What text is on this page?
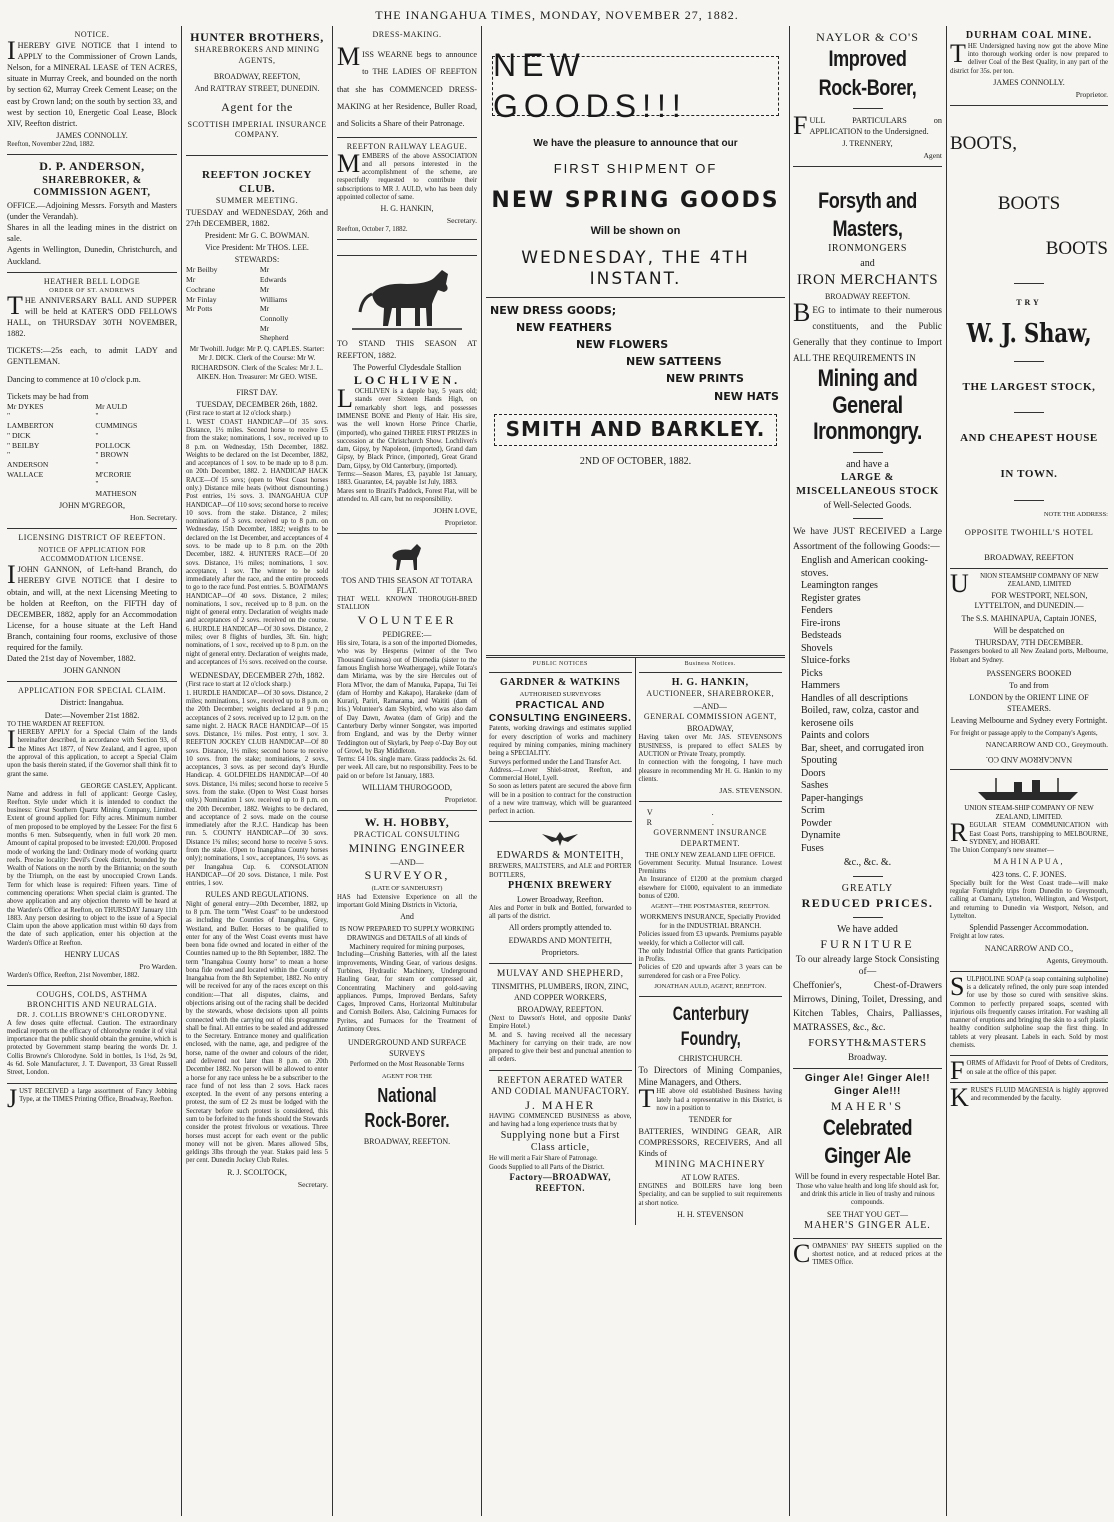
THE INANGAHUA TIMES, MONDAY, NOVEMBER 27, 1882.
NOTICE.
IHEREBY GIVE NOTICE that I intend to APPLY to the Commissioner of Crown Lands, Nelson, for a MINERAL LEASE of TEN ACRES, situate in Murray Creek, and bounded on the north by section 62, Murray Creek Cement Lease; on the east by Crown land; on the south by section 33, and west by section 10, Energetic Coal Lease, Block XIV, Reefton district.
JAMES CONNOLLY.
Reefton, November 22nd, 1882.
D. P. ANDERSON,
SHAREBROKER, & COMMISSION AGENT,
OFFICE.—Adjoining Messrs. Forsyth and Masters (under the Verandah).
Shares in all the leading mines in the district on sale.
Agents in Wellington, Dunedin, Christchurch, and Auckland.
HEATHER BELL LODGE
ORDER OF ST. ANDREWS
THE ANNIVERSARY BALL AND SUPPER will be held at KATER'S ODD FELLOWS HALL, on THURSDAY 30TH NOVEMBER, 1882.
TICKETS:—25s each, to admit LADY and GENTLEMAN.
Dancing to commence at 10 o'clock p.m.
Tickets may be had from
Mr DYKES
" LAMBERTON
" DICK
" BEILBY
" ANDERSON
WALLACE
Mr AULD
" CUMMINGS
" POLLOCK
" BROWN
" M'CRORIE
" MATHESON
JOHN M'GREGOR,
Hon. Secretary.
LICENSING DISTRICT OF REEFTON.
NOTICE OF APPLICATION FOR ACCOMMODATION LICENSE.
IJOHN GANNON, of Left-hand Branch, do HEREBY GIVE NOTICE that I desire to obtain, and will, at the next Licensing Meeting to be holden at Reefton, on the FIFTH day of DECEMBER, 1882, apply for an Accommodation License, for a house situate at the Left Hand Branch, containing four rooms, exclusive of those required for the family.
Dated the 21st day of November, 1882.
JOHN GANNON
APPLICATION FOR SPECIAL CLAIM.
District: Inangahua.
Date:—November 21st 1882.
TO THE WARDEN AT REEFTON.
IHEREBY APPLY for a Special Claim of the lands hereinafter described, in accordance with Section 93, of the Mines Act 1877, of New Zealand, and I agree, upon the approval of this application, to accept a Special Claim upon the basis therein stated, if the Governor shall think fit to grant the same.
GEORGE CASLEY, Applicant.
Name and address in full of applicant: George Casley, Reefton. Style under which it is intended to conduct the business: Great Southern Quartz Mining Company, Limited. Extent of ground applied for: Fifty acres. Minimum number of men proposed to be employed by the Lessee: For the first 6 months 6 men. Subsequently, when in full work 20 men. Amount of capital proposed to be invested: £20,000. Proposed mode of working the land: Ordinary mode of working quartz reefs. Precise locality: Devil's Creek district, bounded by the Wealth of Nations on the north by the Britannia; on the south by the Triumph, on the east by unoccupied Crown Lands. Term for which lease is required: Fifteen years. Time of commencing operations: When special claim is granted. The above application and any objection thereto will be heard at the Warden's Office at Reefton, on THURSDAY January 11th 1883. Any person desiring to object to the issue of a Special Claim upon the above application must within 60 days from the date of such application, enter his objection at the Warden's Office at Reefton.
HENRY LUCAS
Pro Warden.
Warden's Office, Reefton, 21st November, 1882.
COUGHS, COLDS, ASTHMA
BRONCHITIS AND NEURALGIA.
DR. J. COLLIS BROWNE'S CHLORODYNE.
A few doses quite effectual. Caution. The extraordinary medical reports on the efficacy of chlorodyne render it of vital importance that the public should obtain the genuine, which is protected by Government stamp bearing the words Dr. J. Collis Browne's Chlorodyne. Sold in bottles, 1s 1½d, 2s 9d, 4s 6d. Sole Manufacturer, J. T. Davenport, 33 Great Russell Street, London.
JUST RECEIVED a large assortment of Fancy Jobbing Type, at the TIMES Printing Office, Broadway, Reefton.
HUNTER BROTHERS,
SHAREBROKERS AND MINING AGENTS,
BROADWAY, REEFTON,
And RATTRAY STREET, DUNEDIN.
Agent for the
SCOTTISH IMPERIAL INSURANCE COMPANY.
REEFTON JOCKEY CLUB.
SUMMER MEETING.
TUESDAY and WEDNESDAY, 26th and 27th DECEMBER, 1882.
President: Mr G. C. BOWMAN.
Vice President: Mr THOS. LEE.
STEWARDS:
Mr Beilby
Mr Cochrane
Mr Finlay
Mr Potts
Mr Edwards
Mr Williams
Mr Connolly
Mr Shepherd
Mr Twohill. Judge: Mr P. Q. CAPLES. Starter: Mr J. DICK. Clerk of the Course: Mr W. RICHARDSON. Clerk of the Scales: Mr J. L. AIKEN. Hon. Treasurer: Mr GEO. WISE.
FIRST DAY.
TUESDAY, DECEMBER 26th, 1882.
(First race to start at 12 o'clock sharp.)
1. WEST COAST HANDICAP—Of 35 sovs. Distance, 1½ miles. Second horse to receive £5 from the stake; nominations, 1 sov., received up to 8 p.m. on Wednesday, 15th December, 1882. Weights to be declared on the 1st December, 1882, and acceptances of 1 sov. to be made up to 8 p.m. on 20th December, 1882. 2. HANDICAP HACK RACE—Of 15 sovs; (open to West Coast horses only.) Distance mile heats (without dismounting.) Post entries, 1½ sovs. 3. INANGAHUA CUP HANDICAP—Of 110 sovs; second horse to receive 10 sovs. from the stake. Distance, 2 miles; nominations of 3 sovs. received up to 8 p.m. on Wednesday, 15th December, 1882; weights to be declared on the 1st December, and acceptances of 4 sovs. to be made up to 8 p.m. on the 20th December, 1882. 4. HUNTERS RACE—Of 20 sovs. Distance, 1½ miles; nominations, 1 sov. acceptance, 1 sov. The winner to be sold immediately after the race, and the entire proceeds to go to the race fund. Post entries. 5. BOATMAN'S HANDICAP—Of 40 sovs. Distance, 2 miles; nominations, 1 sov., received up to 8 p.m. on the night of general entry. Declaration of weights made and acceptances of 2 sovs. received on the course. 6. HURDLE HANDICAP—Of 30 sovs. Distance, 2 miles; over 8 flights of hurdles, 3ft. 6in. high; nominations, of 1 sov., received up to 8 p.m. on the night of general entry. Declaration of weights made, and acceptances of 1½ sovs. received on the course.
WEDNESDAY, DECEMBER 27th, 1882.
(First race to start at 12 o'clock sharp.)
1. HURDLE HANDICAP—Of 30 sovs. Distance, 2 miles; nominations, 1 sov., received up to 8 p.m. on the 20th December; weights declared at 9 p.m.; acceptances of 2 sovs. received up to 12 p.m. on the same night. 2. HACK RACE HANDICAP—Of 15 sovs. Distance, 1½ miles. Post entry, 1 sov. 3. REEFTON JOCKEY CLUB HANDICAP—Of 80 sovs. Distance, 1½ miles; second horse to receive 10 sovs. from the stake; nominations, 2 sovs., acceptances, 3 sovs. as per second day's Hurdle Handicap. 4. GOLDFIELDS HANDICAP—Of 40 sovs. Distance, 1¼ miles; second horse to receive 5 sovs. from the stake. (Open to West Coast horses only.) Nomination 1 sov. received up to 8 p.m. on the 20th December, 1882. Weights to be declared, and acceptance of 2 sovs. made on the course immediately after the R.J.C. Handicap has been run. 5. COUNTY HANDICAP—Of 30 sovs. Distance 1¾ miles; second horse to receive 5 sovs. from the stake. (Open to Inangahua County horses only); nominations, 1 sov., acceptances, 1½ sovs. as per Inangahua Cup. 6. CONSOLATION HANDICAP—Of 20 sovs. Distance, 1 mile. Post entries, 1 sov.
RULES AND REGULATIONS.
Night of general entry—20th December, 1882, up to 8 p.m. The term "West Coast" to be understood as including the Counties of Inangahua, Grey, Westland, and Buller. Horses to be qualified to enter for any of the West Coast events must have been bona fide owned and located in either of the Counties named up to the 8th September, 1882. The term "Inangahua County horse" to mean a horse bona fide owned and located within the County of Inangahua from the 8th September, 1882. No entry will be received for any of the races except on this condition:—That all disputes, claims, and objections arising out of the racing shall be decided by the stewards, whose decisions upon all points connected with the carrying out of this programme shall be final. All entries to be sealed and addressed to the Secretary. Entrance money and qualification enclosed, with the name, age, and pedigree of the horse, name of the owner and colours of the rider, and delivered not later than 8 p.m. on 20th December 1882. No person will be allowed to enter a horse for any race unless he be a subscriber to the race fund of not less than 2 sovs. Hack races excepted. In the event of any persons entering a protest, the sum of £2 2s must be lodged with the Secretary before such protest is considered, this sum to be forfeited to the funds should the Stewards consider the protest frivolous or vexatious. Three horses must accept for each event or the public money will not be given. Mares allowed 5lbs, geldings 3lbs through the year. Stakes paid less 5 per cent. Dunedin Jockey Club Rules.
R. J. SCOLTOCK,
Secretary.
DRESS-MAKING.
MISS WEARNE begs to announce to THE LADIES OF REEFTON that she has COMMENCED DRESS-MAKING at her Residence, Buller Road, and Solicits a Share of their Patronage.
REEFTON RAILWAY LEAGUE.
MEMBERS of the above ASSOCIATION and all persons interested in the accomplishment of the scheme, are respectfully requested to contribute their subscriptions to MR J. AULD, who has been duly appointed collector of same.
H. G. HANKIN,
Secretary.
Reefton, October 7, 1882.
TO STAND THIS SEASON AT REEFTON, 1882.
The Powerful Clydesdale Stallion
LOCHLIVEN.
LOCHLIVEN is a dapple bay, 5 years old; stands over Sixteen Hands High, on remarkably short legs, and possesses IMMENSE BONE and Plenty of Hair. His sire, was the well known Horse Prince Charlie, (imported), who gained THREE FIRST PRIZES in succession at the Christchurch Show. Lochliven's dam, Gipsy, by Napoleon, (imported), Grand dam Gipsy, by Black Prince, (imported), Great Grand Dam, Gipsy, by Old Canterbury, (imported).
Terms:—Season Mares, £3, payable 1st January, 1883. Guarantee, £4, payable 1st July, 1883.
Mares sent to Brazil's Paddock, Forest Flat, will be attended to. All care, but no responsibility.
JOHN LOVE,
Proprietor.
TOS AND THIS SEASON AT TOTARA FLAT.
THAT WELL KNOWN THOROUGH-BRED STALLION
VOLUNTEER
PEDIGREE:—
His sire, Totara, is a son of the imported Diomedes, who was by Hesperus (winner of the Two Thousand Guineas) out of Diomedia (sister to the famous English horse Weathergage), while Totara's dam Miriama, was by the sire Hercules out of Flora M'Ivor, the dam of Manuka, Papapa, Tui Tei (dam of Hornby and Kakapo), Harakeke (dam of Kurari), Pariri, Ramarama, and Waititi (dam of Iris.) Volunteer's dam Skybird, who was also dam of Day Dawn, Awatea (dam of Grip) and the Canterbury Derby winner Songster, was imported from England, and was by the Derby winner Teddington out of Skylark, by Peep o'-Day Boy out of Growl, by Bay Middleton.
Terms: £4 10s. single mare. Grass paddocks 2s. 6d. per week. All care, but no responsibility. Fees to be paid on or before 1st January, 1883.
WILLIAM THUROGOOD,
Proprietor.
W. H. HOBBY,
PRACTICAL CONSULTING
MINING ENGINEER
—AND—
SURVEYOR,
(LATE OF SANDHURST)
HAS had Extensive Experience on all the important Gold Mining Districts in Victoria,
And
IS NOW PREPARED TO SUPPLY WORKING DRAWINGS and DETAILS of all kinds of Machinery required for mining purposes,
Including—Crushing Batteries, with all the latest improvements, Winding Gear, of various designs. Turbines, Hydraulic Machinery, Underground Hauling Gear, for steam or compressed air, Concentrating Machinery and gold-saving appliances. Pumps, Improved Berdans, Safety Cages, Improved Cams, Horizontal Multitubular and Cornish Boilers. Also, Calcining Furnaces for Pyrites, and Furnaces for the Treatment of Antimony Ores.
UNDERGROUND AND SURFACE SURVEYS
Performed on the Most Reasonable Terms
AGENT FOR THE
National Rock-Borer.
BROADWAY, REEFTON.
NEW GOODS!!!
We have the pleasure to announce that our
FIRST SHIPMENT OF
NEW SPRING GOODS
Will be shown on
WEDNESDAY, THE 4TH INSTANT.
NEW DRESS GOODS;
NEW FEATHERS
NEW FLOWERS
NEW SATTEENS
NEW PRINTS
NEW HATS
SMITH AND BARKLEY.
2ND OF OCTOBER, 1882.
PUBLIC NOTICES
GARDNER & WATKINS
AUTHORISED SURVEYORS
PRACTICAL AND CONSULTING ENGINEERS.
Patents, working drawings and estimates supplied for every description of works and machinery required by mining companies, mining machinery being a SPECIALITY.
Surveys performed under the Land Transfer Act.
Address.—Lower Shiel-street, Reefton, and Commercial Hotel, Lyell.
So soon as letters patent are secured the above firm will be in a position to contract for the construction of a new wire tramway, which will be guaranteed perfect in action.
EDWARDS & MONTEITH,
BREWERS, MALTSTERS, and ALE and PORTER BOTTLERS,
PHŒNIX BREWERY
Lower Broadway, Reefton.
Ales and Porter in bulk and Bottled, forwarded to all parts of the district.
All orders promptly attended to.
EDWARDS AND MONTEITH,
Proprietors.
MULVAY AND SHEPHERD,
TINSMITHS, PLUMBERS, IRON, ZINC, AND COPPER WORKERS,
BROADWAY, REEFTON.
(Next to Dawson's Hotel, and opposite Danks' Empire Hotel.)
M. and S. having received all the necessary Machinery for carrying on their trade, are now prepared to give their best and punctual attention to all orders.
REEFTON AERATED WATER AND CODIAL MANUFACTORY.
J. MAHER
HAVING COMMENCED BUSINESS as above, and having had a long experience trusts that by
Supplying none but a First Class article,
He will merit a Fair Share of Patronage.
Goods Supplied to all Parts of the District.
Factory—BROADWAY, REEFTON.
Business Notices.
H. G. HANKIN,
AUCTIONEER, SHAREBROKER,
—AND—
GENERAL COMMISSION AGENT,
BROADWAY,
Having taken over Mr. JAS. STEVENSON'S BUSINESS, is prepared to effect SALES by AUCTION or Private Treaty, promptly.
In connection with the foregoing, I have much pleasure in recommending Mr H. G. Hankin to my clients.
JAS. STEVENSON.
V. R.
GOVERNMENT INSURANCE DEPARTMENT.
THE ONLY NEW ZEALAND LIFE OFFICE.
Government Security. Mutual Insurance. Lowest Premiums
An Insurance of £1200 at the premium charged elsewhere for £1000, equivalent to an immediate bonus of £200.
AGENT—THE POSTMASTER, REEFTON.
WORKMEN'S INSURANCE, Specially Provided for in the INDUSTRIAL BRANCH.
Policies issued from £3 upwards. Premiums payable weekly, for which a Collector will call.
The only Industrial Office that grants Participation in Profits.
Policies of £20 and upwards after 3 years can be surrendered for cash or a Free Policy.
JONATHAN AULD, AGENT, REEFTON.
Canterbury Foundry,
CHRISTCHURCH.
To Directors of Mining Companies, Mine Managers, and Others.
THE above old established Business having lately had a representative in this District, is now in a position to
TENDER for
BATTERIES, WINDING GEAR, AIR COMPRESSORS, RECEIVERS, And all Kinds of
MINING MACHINERY
AT LOW RATES.
ENGINES and BOILERS have long been Speciality, and can be supplied to suit requirements at short notice.
H. H. STEVENSON
NAYLOR & CO'S
Improved Rock-Borer,
FULL PARTICULARS on APPLICATION to the Undersigned.
J. TRENNERY,
Agent
Forsyth and Masters,
IRONMONGERS
and
IRON MERCHANTS
BROADWAY REEFTON.
BEG to intimate to their numerous constituents, and the Public Generally that they continue to Import ALL THE REQUIREMENTS IN
Mining and General Ironmongry.
and have a
LARGE & MISCELLANEOUS STOCK
of Well-Selected Goods.
We have JUST RECEIVED a Large Assortment of the following Goods:—
English and American cooking-stoves.
Leamington ranges
Register grates
Fenders
Fire-irons
Bedsteads
Shovels
Sluice-forks
Picks
Hammers
Handles of all descriptions
Boiled, raw, colza, castor and kerosene oils
Paints and colors
Bar, sheet, and corrugated iron
Spouting
Doors
Sashes
Paper-hangings
Scrim
Powder
Dynamite
Fuses
&c., &c. &.
GREATLY
REDUCED PRICES.
We have added
FURNITURE
To our already large Stock Consisting of—
Cheffonier's, Chest-of-Drawers Mirrows, Dining, Toilet, Dressing, and Kitchen Tables, Chairs, Palliasses, MATRASSES, &c., &c.
FORSYTH&MASTERS
Broadway.
Ginger Ale! Ginger Ale!!
Ginger Ale!!!
MAHER'S
Celebrated Ginger Ale
Will be found in every respectable Hotel Bar.
Those who value health and long life should ask for, and drink this article in lieu of trashy and ruinous compounds.
SEE THAT YOU GET—
MAHER'S GINGER ALE.
COMPANIES' PAY SHEETS supplied on the shortest notice, and at reduced prices at the TIMES Office.
DURHAM COAL MINE.
THE Undersigned having now got the above Mine into thorough working order is now prepared to deliver Coal of the Best Quality, in any part of the district for 35s. per ton.
JAMES CONNOLLY.
Proprietor.
BOOTS,
BOOTS
BOOTS
TRY
W. J. Shaw,
THE LARGEST STOCK,
AND CHEAPEST HOUSE
IN TOWN.
NOTE THE ADDRESS:
OPPOSITE TWOHILL'S HOTEL
BROADWAY, REEFTON
UNION STEAMSHIP COMPANY OF NEW ZEALAND, LIMITED
FOR WESTPORT, NELSON, LYTTELTON, and DUNEDIN.—
The S.S. MAHINAPUA, Captain JONES,
Will be despatched on
THURSDAY, 7TH DECEMBER.
Passengers booked to all New Zealand ports, Melbourne, Hobart and Sydney.
PASSENGERS BOOKED
To and from
LONDON by the ORIENT LINE OF STEAMERS.
Leaving Melbourne and Sydney every Fortnight.
For freight or passage apply to the Company's Agents,
NANCARROW AND CO., Greymouth.
NANCARROW AND CO.
UNION STEAM-SHIP COMPANY OF NEW ZEALAND, LIMITED.
REGULAR STEAM COMMUNICATION with East Coast Ports, transhipping to MELBOURNE, SYDNEY, and HOBART.
The Union Company's new steamer—
MAHINAPUA,
423 tons. C. F. JONES.
Specially built for the West Coast trade—will make regular Fortnightly trips from Dunedin to Greymouth, calling at Oamaru, Lyttelton, Wellington, and Westport, and returning to Dunedin via Westport, Nelson, and Lyttelton.
Splendid Passenger Accommodation.
Freight at low rates.
NANCARROW AND CO.,
Agents, Greymouth.
SULPHOLINE SOAP (a soap containing sulpholine) is a delicately refined, the only pure soap intended for use by those so cured with sensitive skins. Common to perfectly prepared soaps, scented with injurious oils frequently causes irritation. For washing all manner of eruptions and bringing the skin to a soft plastic healthy condition sulpholine soap the first thing. In tablets at very pleasant. Labels in each. Sold by most chemists.
FORMS of Affidavit for Proof of Debts of Creditors, on sale at the office of this paper.
KRUSE'S FLUID MAGNESIA is highly approved and recommended by the faculty.
